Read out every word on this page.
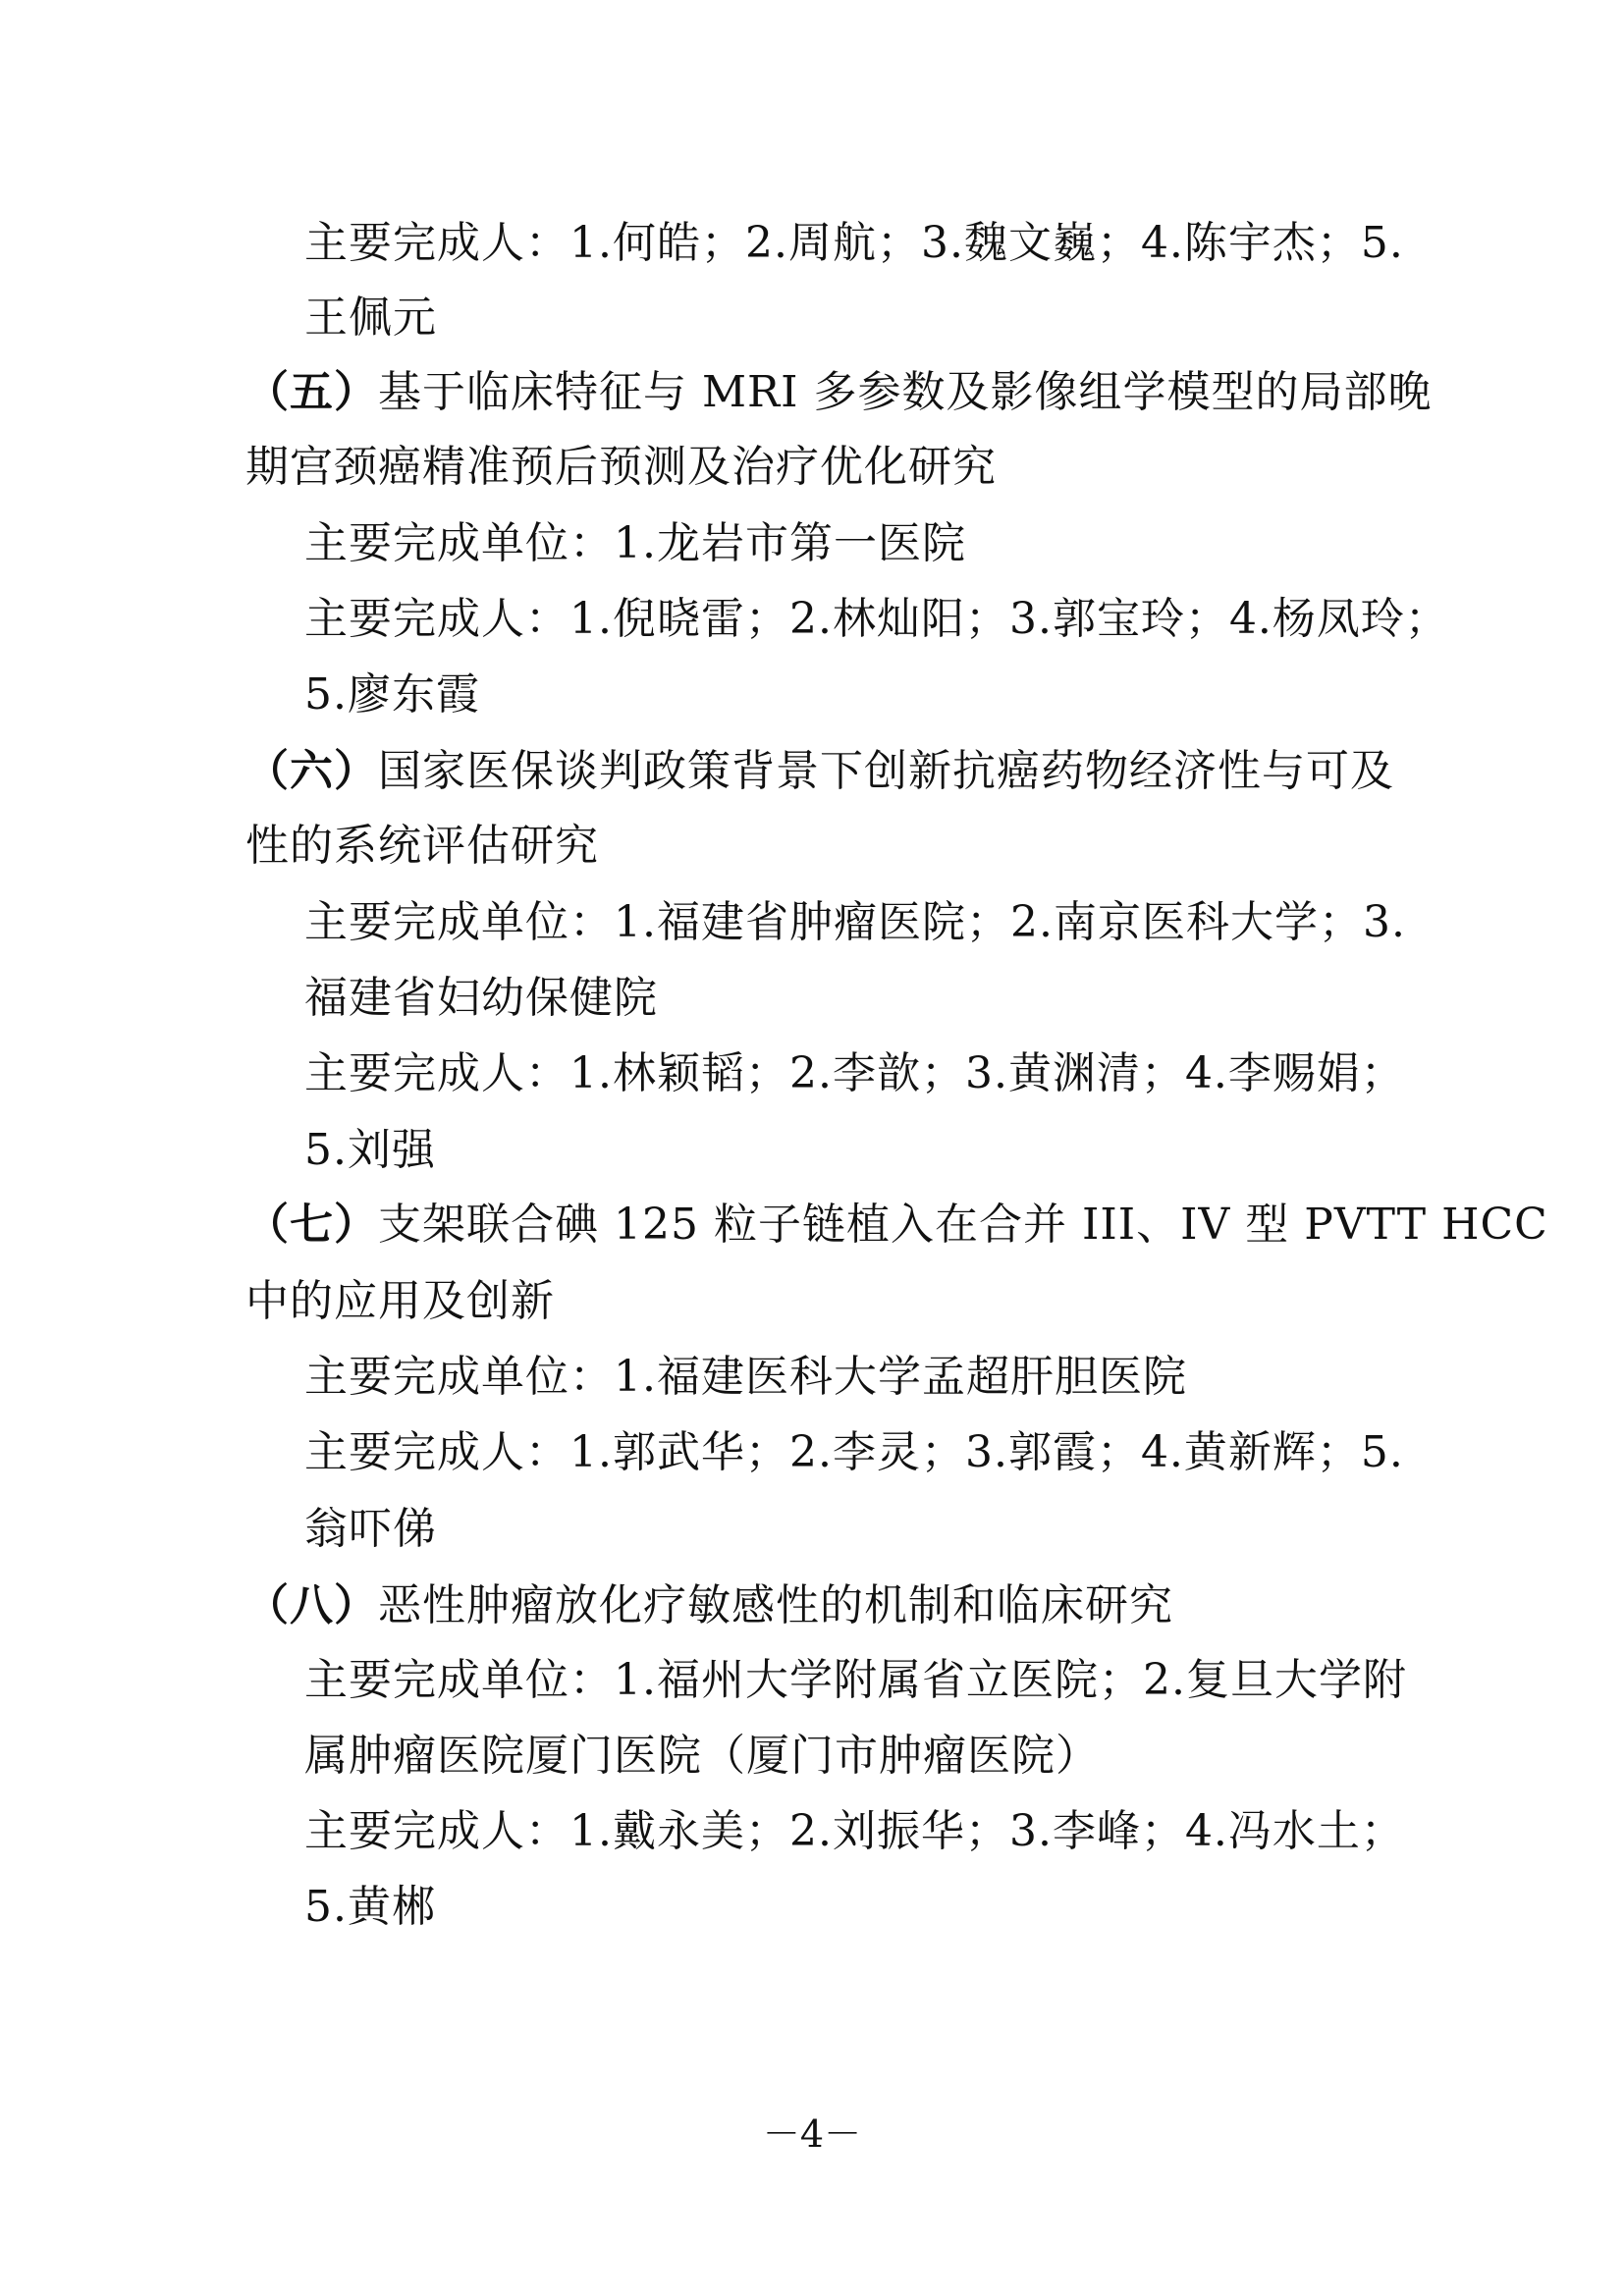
主要完成人：1.何皓；2.周航；3.魏文巍；4.陈宇杰；5.
王佩元
（五）基于临床特征与 MRI 多参数及影像组学模型的局部晚
期宫颈癌精准预后预测及治疗优化研究
主要完成单位：1.龙岩市第一医院
主要完成人：1.倪晓雷；2.林灿阳；3.郭宝玲；4.杨凤玲；
5.廖东霞
（六）国家医保谈判政策背景下创新抗癌药物经济性与可及
性的系统评估研究
主要完成单位：1.福建省肿瘤医院；2.南京医科大学；3.
福建省妇幼保健院
主要完成人：1.林颖韬；2.李歆；3.黄渊清；4.李赐娟；
5.刘强
（七）支架联合碘 125 粒子链植入在合并 III、IV 型 PVTT HCC
中的应用及创新
主要完成单位：1.福建医科大学孟超肝胆医院
主要完成人：1.郭武华；2.李灵；3.郭霞；4.黄新辉；5.
翁吓俤
（八）恶性肿瘤放化疗敏感性的机制和临床研究
主要完成单位：1.福州大学附属省立医院；2.复旦大学附
属肿瘤医院厦门医院（厦门市肿瘤医院）
主要完成人：1.戴永美；2.刘振华；3.李峰；4.冯水土；
5.黄郴
－4－
